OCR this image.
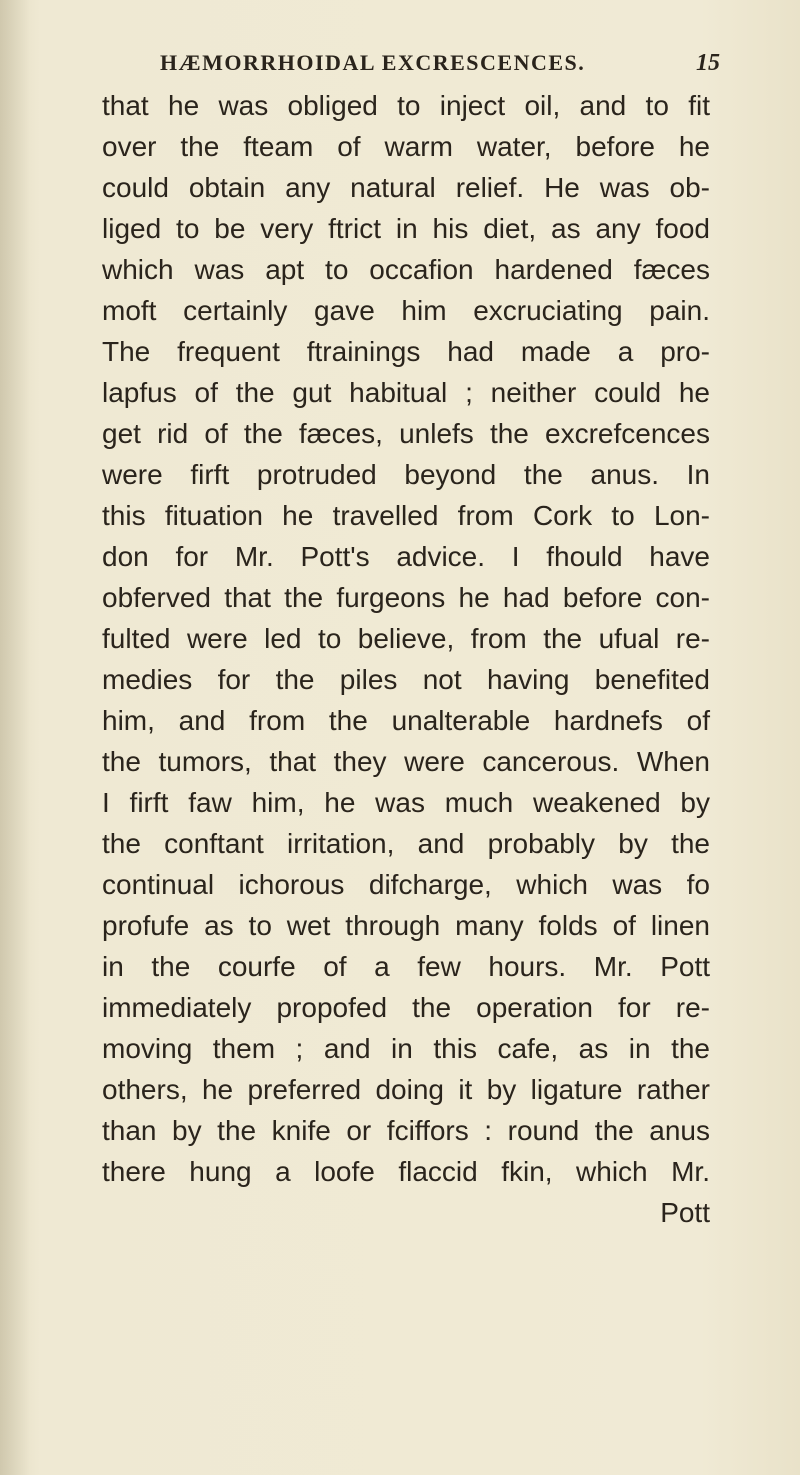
HÆMORRHOIDAL EXCRESCENCES.	15
that he was obliged to inject oil, and to fit
over the fteam of warm water, before he
could obtain any natural relief. He was ob-
liged to be very ftrict in his diet, as any food
which was apt to occafion hardened fæces
moft certainly gave him excruciating pain.
The frequent ftrainings had made a pro-
lapfus of the gut habitual ; neither could he
get rid of the fæces, unlefs the excrefcences
were firft protruded beyond the anus. In
this fituation he travelled from Cork to Lon-
don for Mr. Pott's advice. I fhould have
obferved that the furgeons he had before con-
fulted were led to believe, from the ufual re-
medies for the piles not having benefited
him, and from the unalterable hardnefs of
the tumors, that they were cancerous. When
I firft faw him, he was much weakened by
the conftant irritation, and probably by the
continual ichorous difcharge, which was fo
profufe as to wet through many folds of linen
in the courfe of a few hours. Mr. Pott
immediately propofed the operation for re-
moving them ; and in this cafe, as in the
others, he preferred doing it by ligature rather
than by the knife or fciffors : round the anus
there hung a loofe flaccid fkin, which Mr.
Pott
